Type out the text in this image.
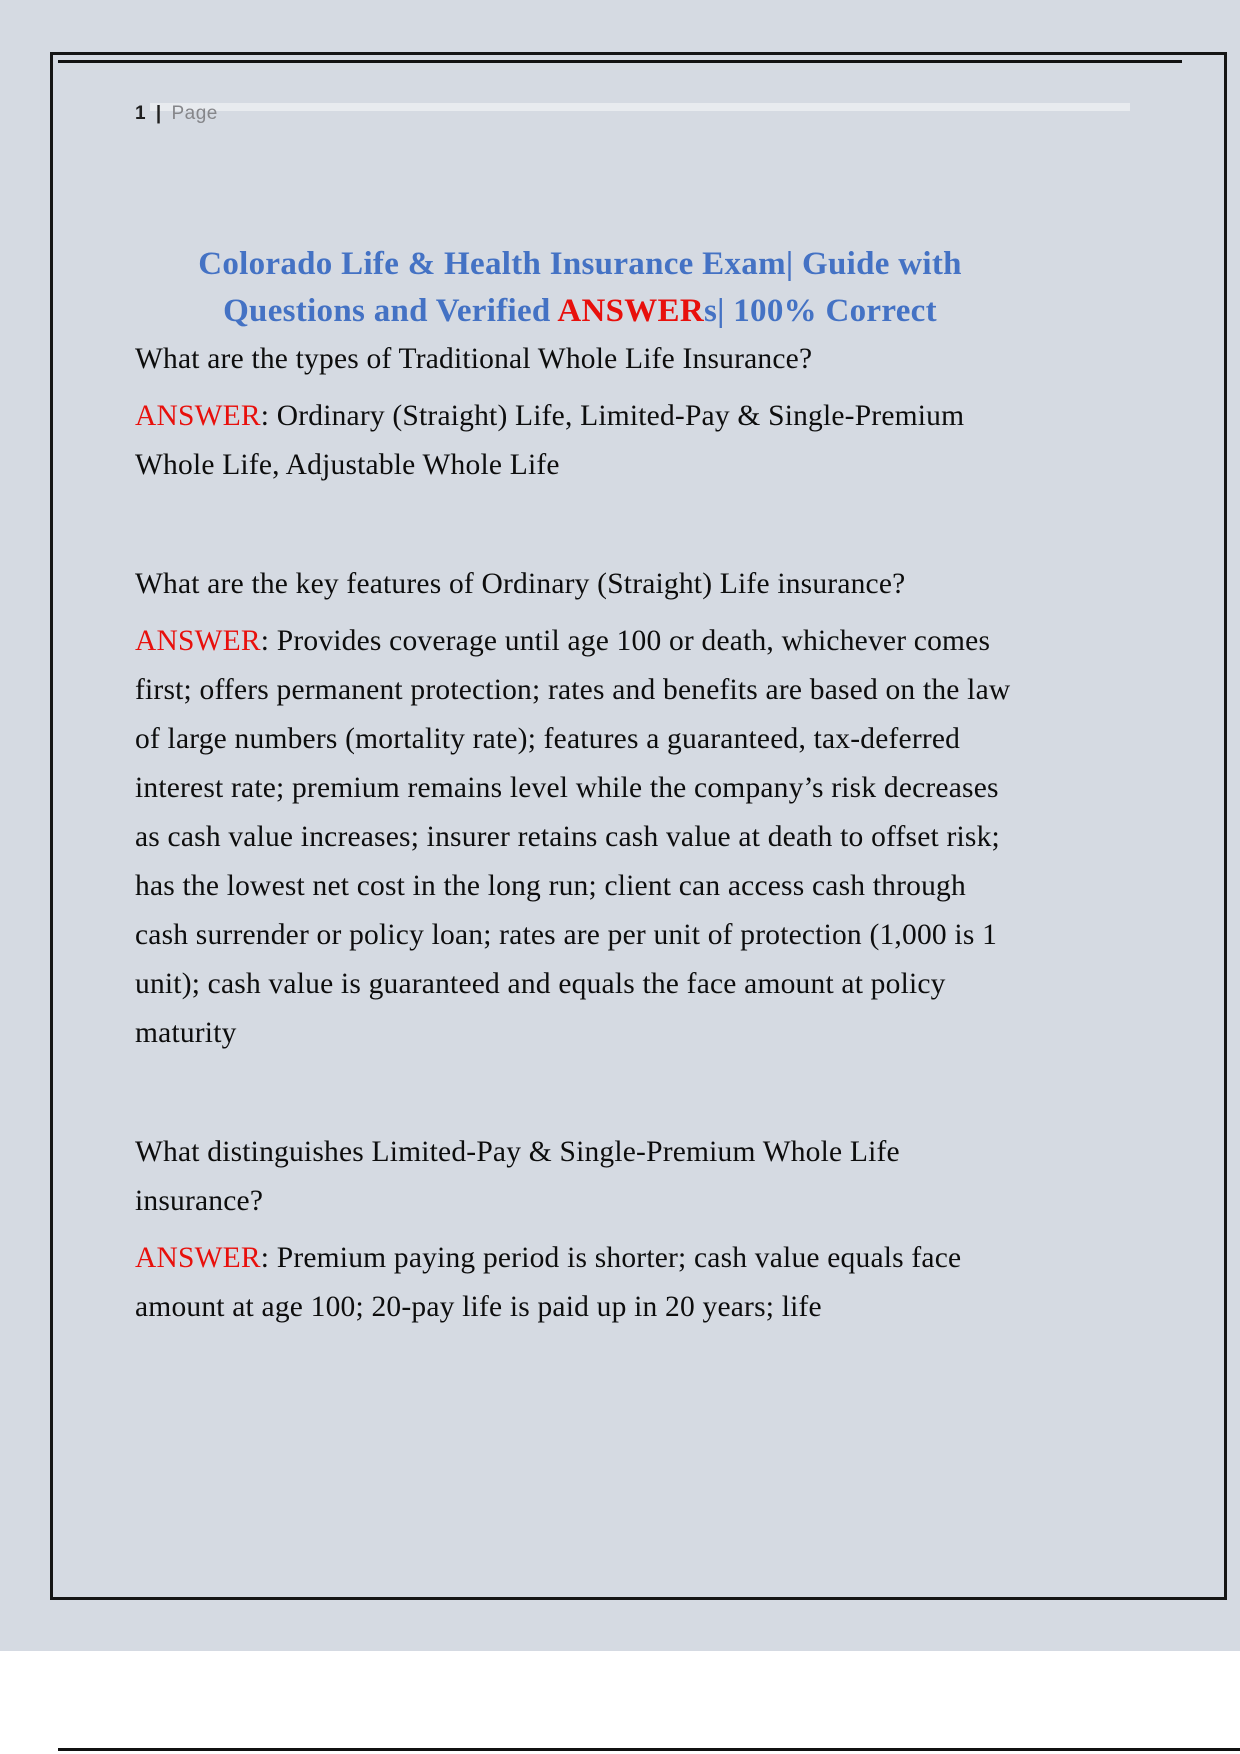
1 | Page
Colorado Life & Health Insurance Exam| Guide with
Questions and Verified ANSWERs| 100% Correct

What are the types of Traditional Whole Life Insurance?

ANSWER: Ordinary (Straight) Life, Limited-Pay & Single-Premium Whole Life, Adjustable Whole Life

What are the key features of Ordinary (Straight) Life insurance?

ANSWER: Provides coverage until age 100 or death, whichever comes first; offers permanent protection; rates and benefits are based on the law of large numbers (mortality rate); features a guaranteed, tax-deferred interest rate; premium remains level while the company’s risk decreases as cash value increases; insurer retains cash value at death to offset risk; has the lowest net cost in the long run; client can access cash through cash surrender or policy loan; rates are per unit of protection (1,000 is 1 unit); cash value is guaranteed and equals the face amount at policy maturity

What distinguishes Limited-Pay & Single-Premium Whole Life insurance?

ANSWER: Premium paying period is shorter; cash value equals face amount at age 100; 20-pay life is paid up in 20 years; life
